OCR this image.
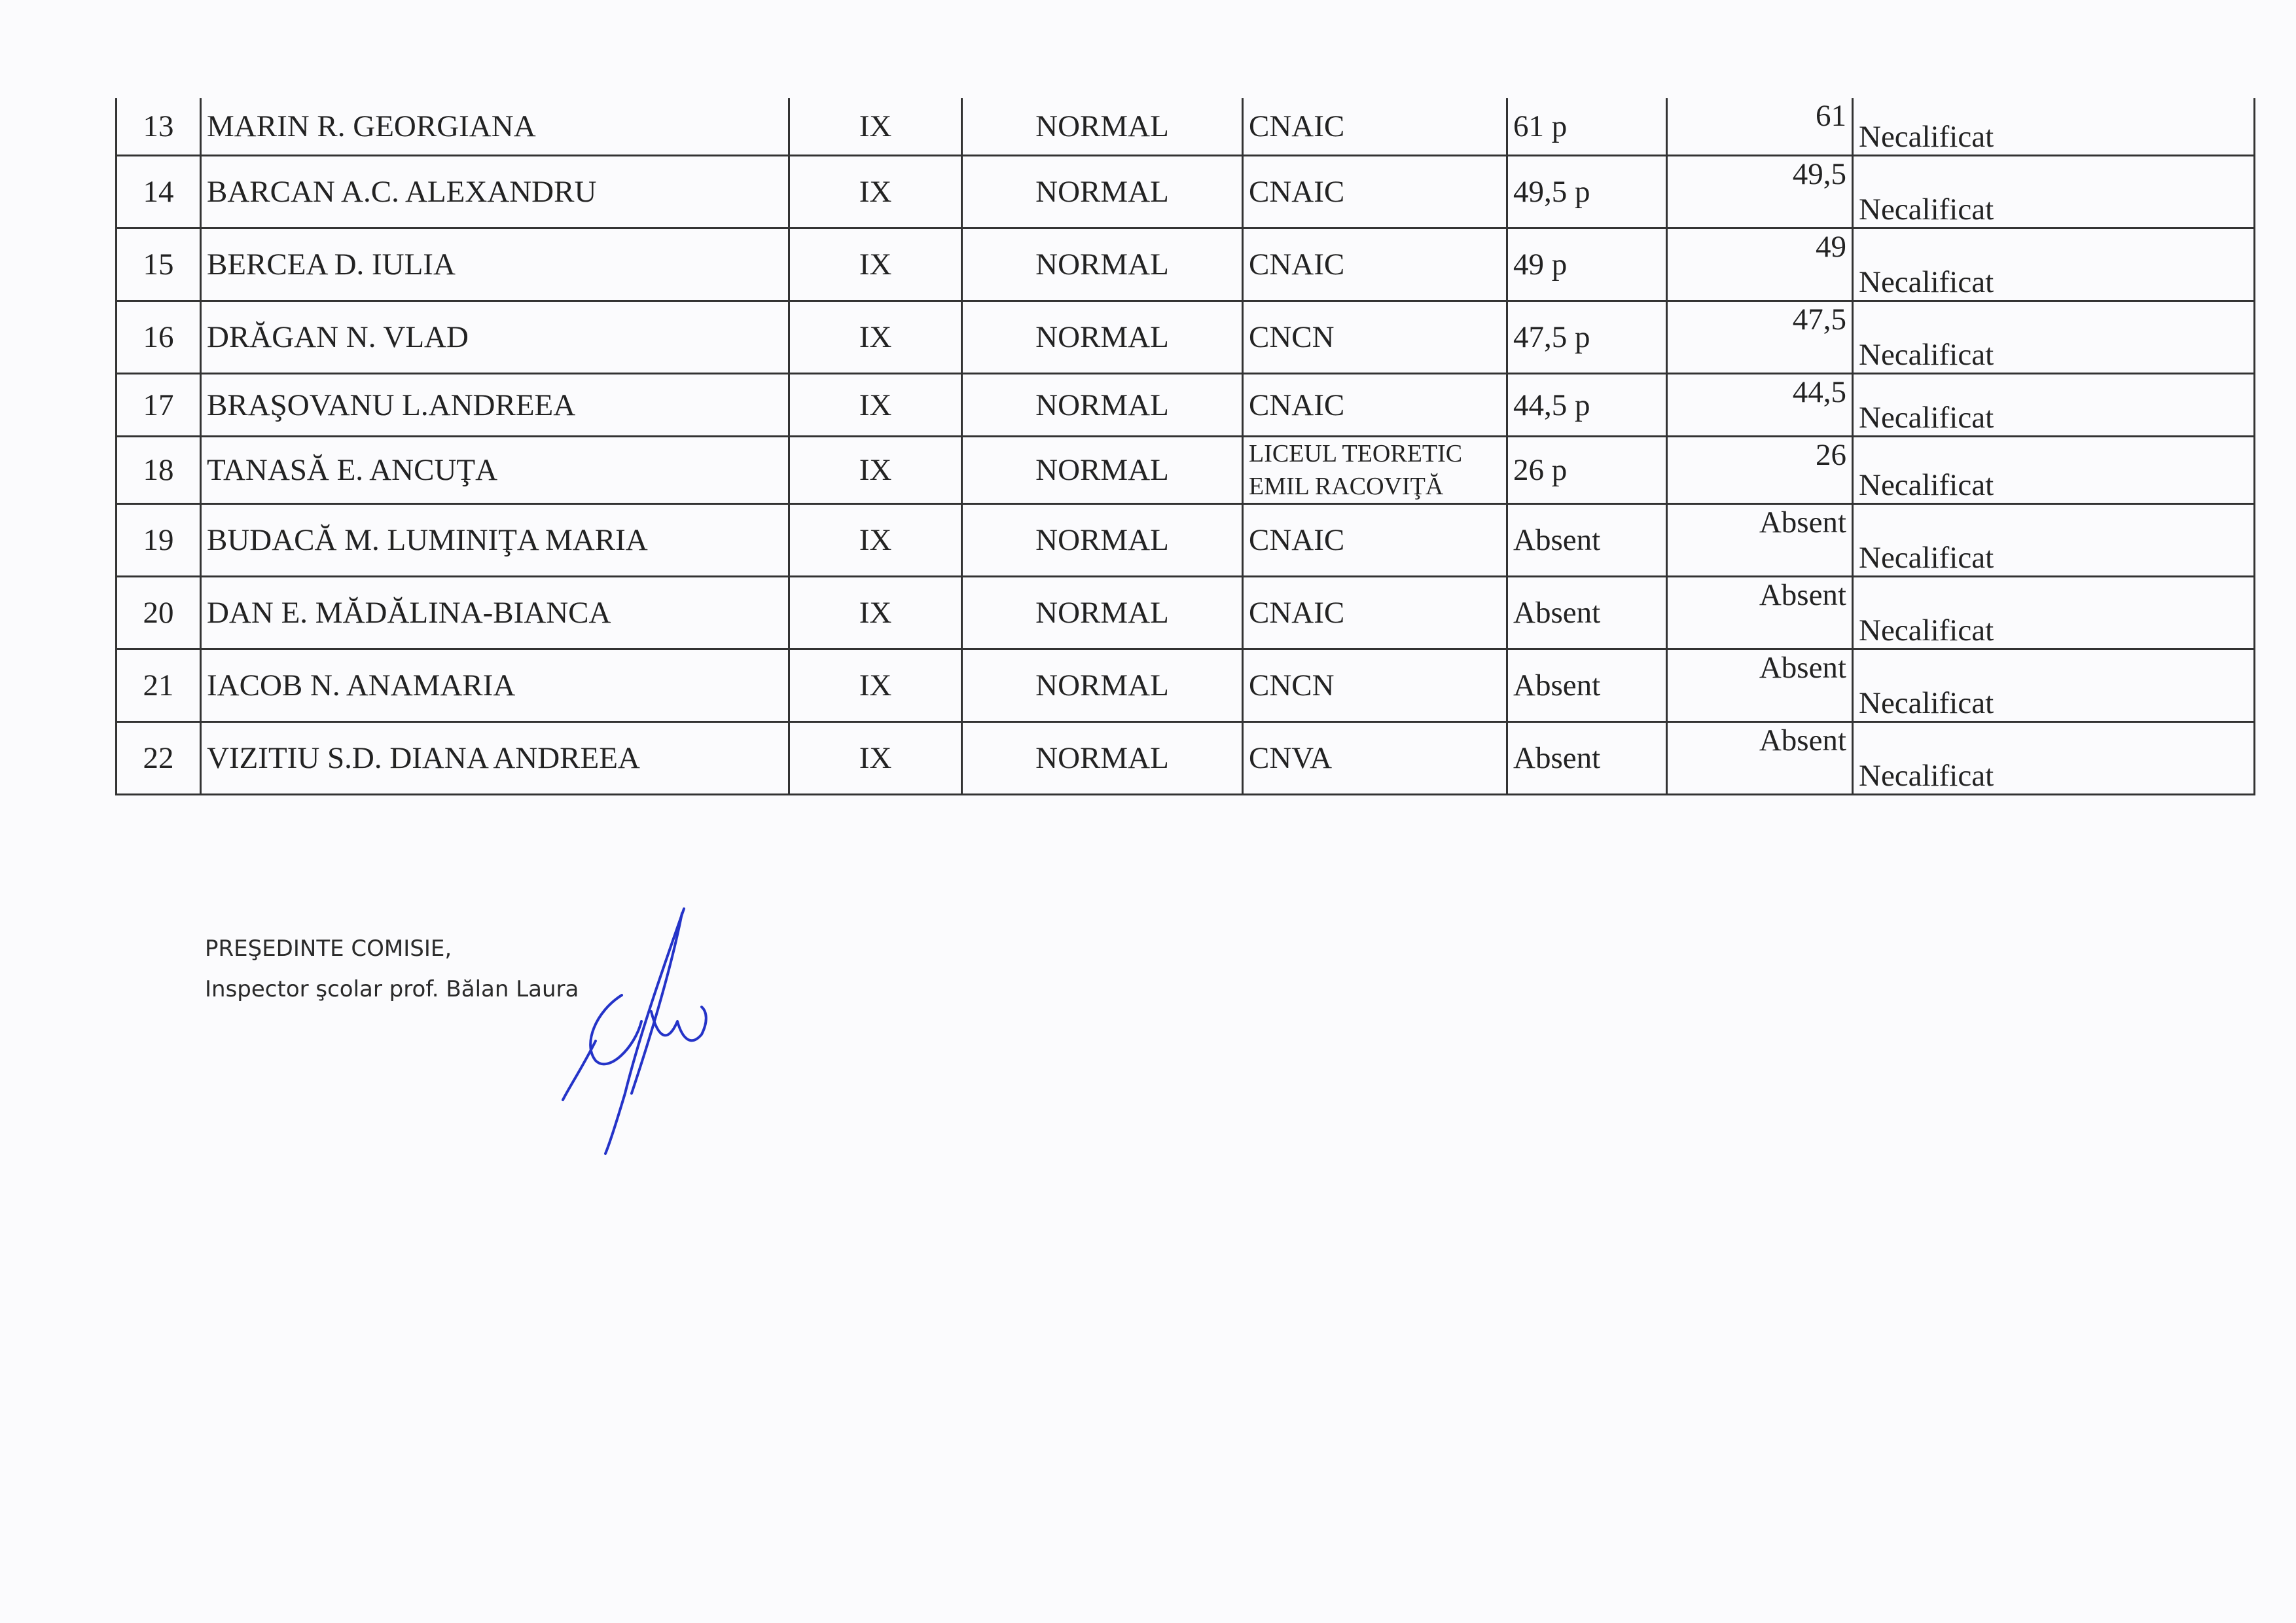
13	MARIN R. GEORGIANA	IX	NORMAL	CNAIC	61 p	61	Necalificat
14	BARCAN A.C. ALEXANDRU	IX	NORMAL	CNAIC	49,5 p	49,5	Necalificat
15	BERCEA D. IULIA	IX	NORMAL	CNAIC	49 p	49	Necalificat
16	DRĂGAN N. VLAD	IX	NORMAL	CNCN	47,5 p	47,5	Necalificat
17	BRAŞOVANU L.ANDREEA	IX	NORMAL	CNAIC	44,5 p	44,5	Necalificat
18	TANASĂ E. ANCUŢA	IX	NORMAL	LICEUL TEORETIC EMIL RACOVIŢĂ	26 p	26	Necalificat
19	BUDACĂ M. LUMINIŢA MARIA	IX	NORMAL	CNAIC	Absent	Absent	Necalificat
20	DAN E. MĂDĂLINA-BIANCA	IX	NORMAL	CNAIC	Absent	Absent	Necalificat
21	IACOB N. ANAMARIA	IX	NORMAL	CNCN	Absent	Absent	Necalificat
22	VIZITIU S.D. DIANA ANDREEA	IX	NORMAL	CNVA	Absent	Absent	Necalificat
PREŞEDINTE COMISIE,
Inspector şcolar prof. Bălan Laura
